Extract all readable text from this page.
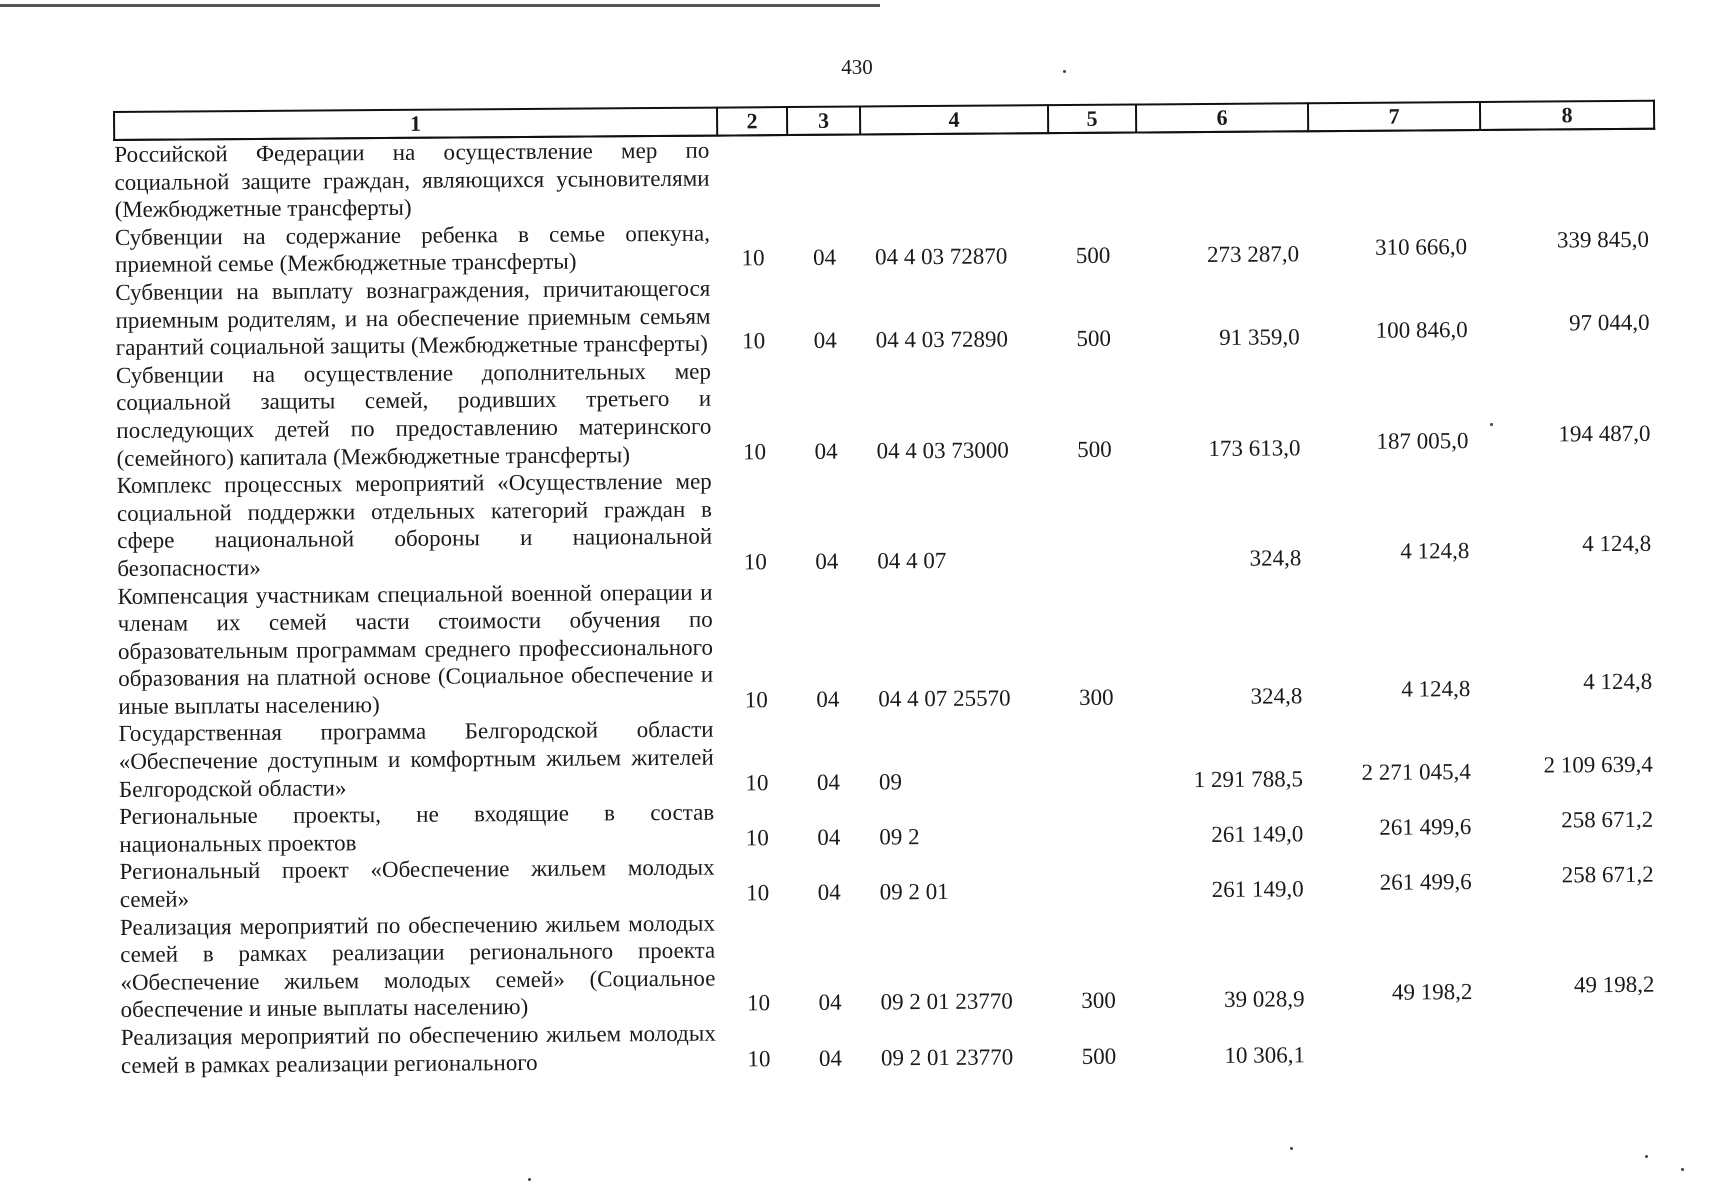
430
1	2	3	4	5	6	7	8
Российской Федерации на осуществление мер по социальной защите граждан, являющихся усыновителями (Межбюджетные трансферты)							
Субвенции на содержание ребенка в семье опекуна, приемной семье (Межбюджетные трансферты)	10	04	04 4 03 72870	500	273 287,0	310 666,0	339 845,0
Субвенции на выплату вознаграждения, причитающегося приемным родителям, и на обеспечение приемным семьям гарантий социальной защиты (Межбюджетные трансферты)	10	04	04 4 03 72890	500	91 359,0	100 846,0	97 044,0
Субвенции на осуществление дополнительных мер социальной защиты семей, родивших третьего и последующих детей по предоставлению материнского (семейного) капитала (Межбюджетные трансферты)	10	04	04 4 03 73000	500	173 613,0	187 005,0	194 487,0
Комплекс процессных мероприятий «Осуществление мер социальной поддержки отдельных категорий граждан в сфере национальной обороны и национальной безопасности»	10	04	04 4 07		324,8	4 124,8	4 124,8
Компенсация участникам специальной военной операции и членам их семей части стоимости обучения по образовательным программам среднего профессионального образования на платной основе (Социальное обеспечение и иные выплаты населению)	10	04	04 4 07 25570	300	324,8	4 124,8	4 124,8
Государственная программа Белгородской области «Обеспечение доступным и комфортным жильем жителей Белгородской области»	10	04	09		1 291 788,5	2 271 045,4	2 109 639,4
Региональные проекты, не входящие в состав национальных проектов	10	04	09 2		261 149,0	261 499,6	258 671,2
Региональный проект «Обеспечение жильем молодых семей»	10	04	09 2 01		261 149,0	261 499,6	258 671,2
Реализация мероприятий по обеспечению жильем молодых семей в рамках реализации регионального проекта «Обеспечение жильем молодых семей» (Социальное обеспечение и иные выплаты населению)	10	04	09 2 01 23770	300	39 028,9	49 198,2	49 198,2
Реализация мероприятий по обеспечению жильем молодых семей в рамках реализации регионального	10	04	09 2 01 23770	500	10 306,1		
